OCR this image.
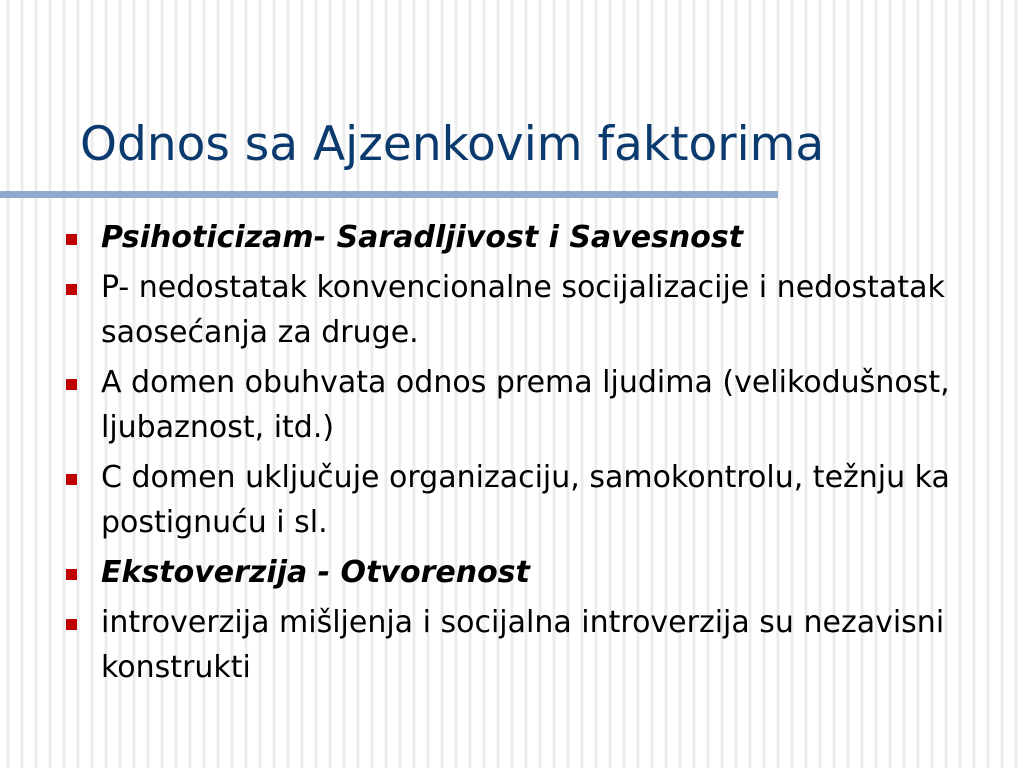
Odnos sa Ajzenkovim faktorima
Psihoticizam- Saradljivost i Savesnost
P- nedostatak konvencionalne socijalizacije i nedostatak saosećanja za druge.
A domen obuhvata odnos prema ljudima (velikodušnost, ljubaznost, itd.)
C domen uključuje organizaciju, samokontrolu, težnju ka postignuću i sl.
Ekstoverzija - Otvorenost
introverzija mišljenja i socijalna introverzija su nezavisni konstrukti
